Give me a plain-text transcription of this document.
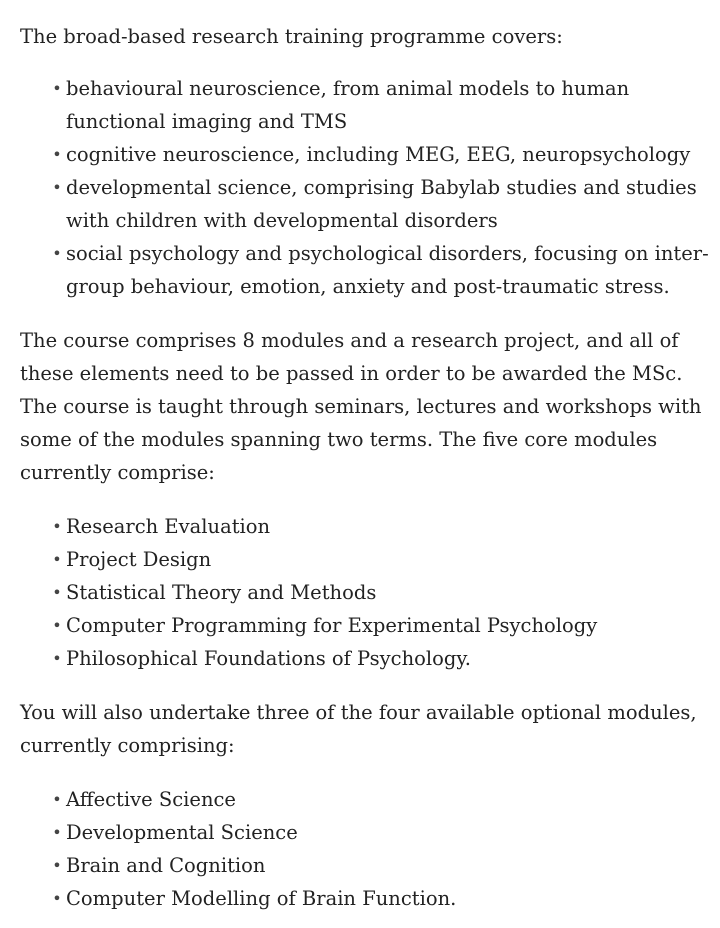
The broad-based research training programme covers:

• behavioural neuroscience, from animal models to human functional imaging and TMS
• cognitive neuroscience, including MEG, EEG, neuropsychology
• developmental science, comprising Babylab studies and studies with children with developmental disorders
• social psychology and psychological disorders, focusing on inter-group behaviour, emotion, anxiety and post-traumatic stress.

The course comprises 8 modules and a research project, and all of these elements need to be passed in order to be awarded the MSc. The course is taught through seminars, lectures and workshops with some of the modules spanning two terms. The five core modules currently comprise:

• Research Evaluation
• Project Design
• Statistical Theory and Methods
• Computer Programming for Experimental Psychology
• Philosophical Foundations of Psychology.

You will also undertake three of the four available optional modules, currently comprising:

• Affective Science
• Developmental Science
• Brain and Cognition
• Computer Modelling of Brain Function.
